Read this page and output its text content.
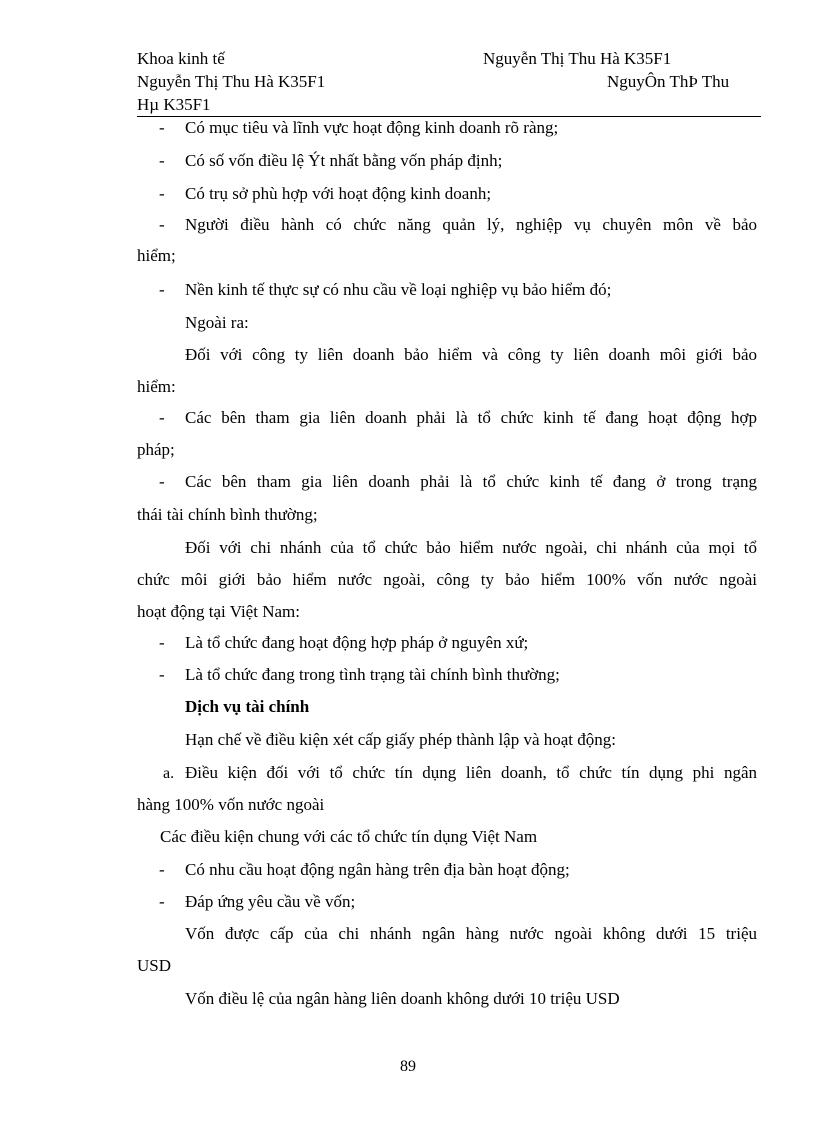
Khoa kinh tế	Nguyễn Thị Thu Hà K35F1
Nguyễn Thị Thu Hà K35F1	NguyÔn ThÞ Thu
Hµ K35F1
-	Có mục tiêu và lĩnh vực hoạt động kinh doanh rõ ràng;
-	Có số vốn điều lệ Ýt nhất bằng vốn pháp định;
-	Có trụ sở phù hợp với hoạt động kinh doanh;
-	Người điều hành có chức năng quản lý, nghiệp vụ chuyên môn về bảo
hiểm;
-	Nền kinh tế thực sự có nhu cầu về loại nghiệp vụ bảo hiểm đó;
Ngoài ra:
Đối với công ty liên doanh bảo hiểm và công ty liên doanh môi giới bảo
hiểm:
-	Các bên tham gia liên doanh phải là tổ chức kinh tế đang hoạt động hợp
pháp;
-	Các bên tham gia liên doanh phải là tổ chức kinh tế đang ở trong trạng
thái tài chính bình thường;
Đối với chi nhánh của tổ chức bảo hiểm nước ngoài, chi nhánh của mọi tổ
chức môi giới bảo hiểm nước ngoài, công ty bảo hiểm 100% vốn nước ngoài
hoạt động tại Việt Nam:
-	Là tổ chức đang hoạt động hợp pháp ở nguyên xứ;
-	Là tổ chức đang trong tình trạng tài chính bình thường;
Dịch vụ tài chính
Hạn chế về điều kiện xét cấp giấy phép thành lập và hoạt động:
a. Điều kiện đối với tổ chức tín dụng liên doanh, tổ chức tín dụng phi ngân
hàng 100% vốn nước ngoài
Các điều kiện chung với các tổ chức tín dụng Việt Nam
-	Có nhu cầu hoạt động ngân hàng trên địa bàn hoạt động;
-	Đáp ứng yêu cầu về vốn;
Vốn được cấp của chi nhánh ngân hàng nước ngoài không dưới 15 triệu
USD
Vốn điều lệ của ngân hàng liên doanh không dưới 10 triệu USD
89
